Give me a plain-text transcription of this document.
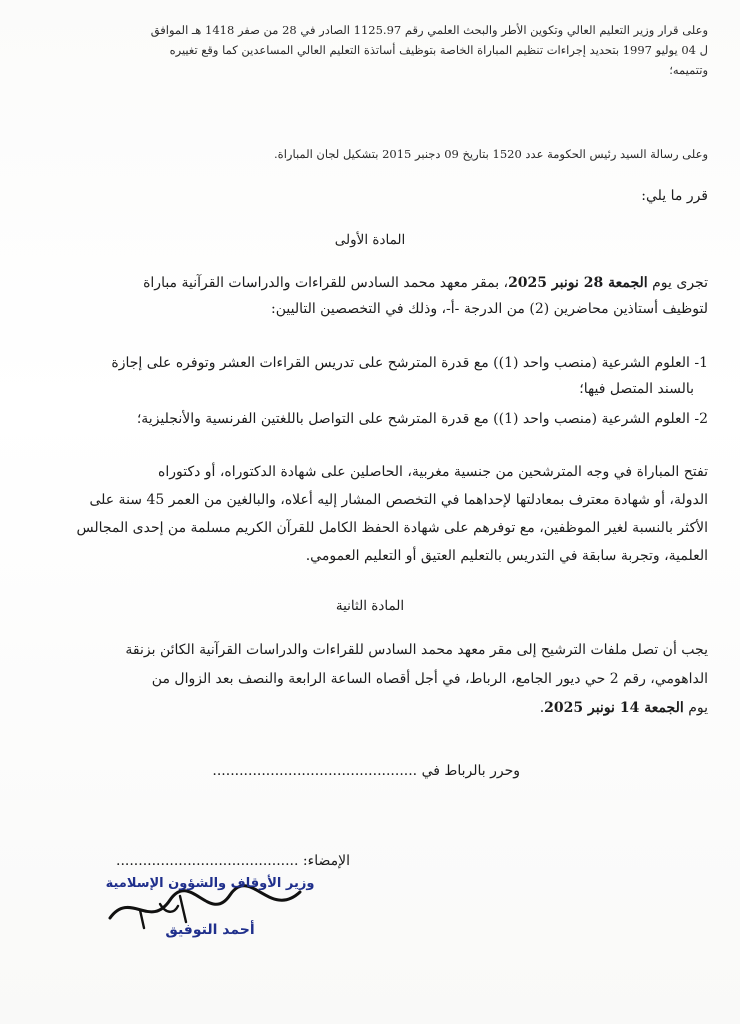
وعلى قرار وزير التعليم العالي وتكوين الأطر والبحث العلمي رقم 1125.97 الصادر في 28 من صفر 1418 هـ الموافق
ل 04 يوليو 1997 بتحديد إجراءات تنظيم المباراة الخاصة بتوظيف أساتذة التعليم العالي المساعدين كما وقع تغييره
وتتميمه؛

وعلى رسالة السيد رئيس الحكومة عدد 1520 بتاريخ 09 دجنبر 2015 بتشكيل لجان المباراة.

قرر ما يلي:

المادة الأولى

تجرى يوم الجمعة 28 نونبر 2025، بمقر معهد محمد السادس للقراءات والدراسات القرآنية مباراة
لتوظيف أستاذين محاضرين (2) من الدرجة -أ-، وذلك في التخصصين التاليين:

1- العلوم الشرعية (منصب واحد (1)) مع قدرة المترشح على تدريس القراءات العشر وتوفره على إجازة
بالسند المتصل فيها؛

2- العلوم الشرعية (منصب واحد (1)) مع قدرة المترشح على التواصل باللغتين الفرنسية والأنجليزية؛

تفتح المباراة في وجه المترشحين من جنسية مغربية، الحاصلين على شهادة الدكتوراه، أو دكتوراه
الدولة، أو شهادة معترف بمعادلتها لإحداهما في التخصص المشار إليه أعلاه، والبالغين من العمر 45 سنة على
الأكثر بالنسبة لغير الموظفين، مع توفرهم على شهادة الحفظ الكامل للقرآن الكريم مسلمة من إحدى المجالس
العلمية، وتجربة سابقة في التدريس بالتعليم العتيق أو التعليم العمومي.

المادة الثانية

يجب أن تصل ملفات الترشيح إلى مقر معهد محمد السادس للقراءات والدراسات القرآنية الكائن بزنقة
الداهومي، رقم 2 حي ديور الجامع، الرباط، في أجل أقصاه الساعة الرابعة والنصف بعد الزوال من
يوم الجمعة 14 نونبر 2025.

وحرر بالرباط في ..............................................

الإمضاء: .........................................

وزير الأوقاف والشؤون الإسلامية
أحمد التوفيق
